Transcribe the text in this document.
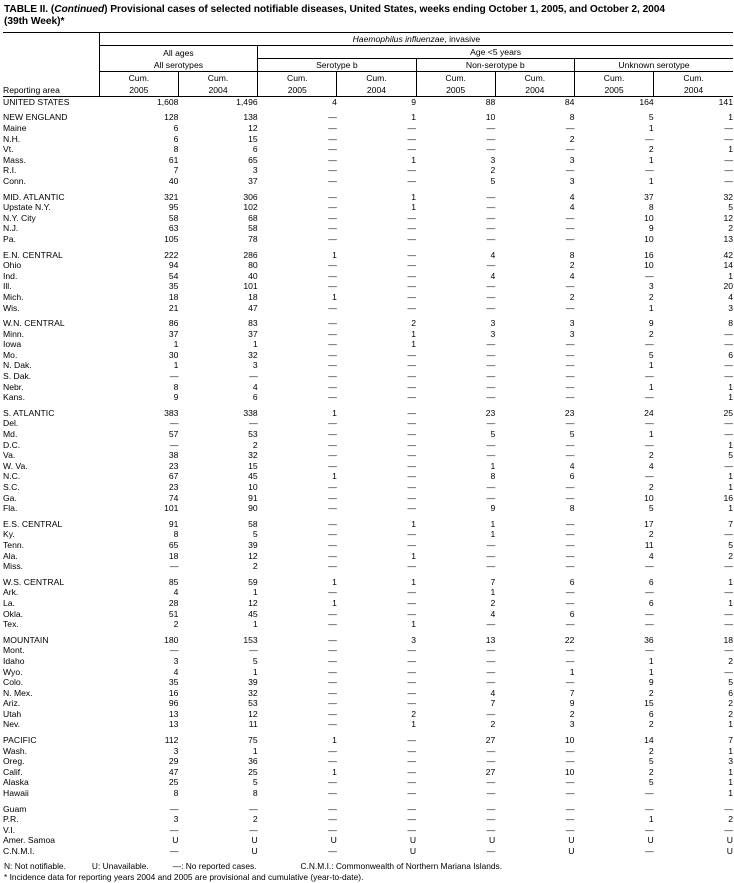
TABLE II. (Continued) Provisional cases of selected notifiable diseases, United States, weeks ending October 1, 2005, and October 2, 2004
(39th Week)*
	Haemophilus influenzae, invasive							
	All ages		Age <5 years					
	All serotypes		Serotype b		Non-serotype b		Unknown serotype	
	Cum.	Cum.	Cum.	Cum.	Cum.	Cum.	Cum.	Cum.
Reporting area	2005	2004	2005	2004	2005	2004	2005	2004
UNITED STATES	1,608	1,496	4	9	88	84	164	141

NEW ENGLAND	128	138	—	1	10	8	5	1
Maine	6	12	—	—	—	—	1	—
N.H.	6	15	—	—	—	2	—	—
Vt.	8	6	—	—	—	—	2	1
Mass.	61	65	—	1	3	3	1	—
R.I.	7	3	—	—	2	—	—	—
Conn.	40	37	—	—	5	3	1	—

MID. ATLANTIC	321	306	—	1	—	4	37	32
Upstate N.Y.	95	102	—	1	—	4	8	5
N.Y. City	58	68	—	—	—	—	10	12
N.J.	63	58	—	—	—	—	9	2
Pa.	105	78	—	—	—	—	10	13

E.N. CENTRAL	222	286	1	—	4	8	16	42
Ohio	94	80	—	—	—	2	10	14
Ind.	54	40	—	—	4	4	—	1
Ill.	35	101	—	—	—	—	3	20
Mich.	18	18	1	—	—	2	2	4
Wis.	21	47	—	—	—	—	1	3

W.N. CENTRAL	86	83	—	2	3	3	9	8
Minn.	37	37	—	1	3	3	2	—
Iowa	1	1	—	1	—	—	—	—
Mo.	30	32	—	—	—	—	5	6
N. Dak.	1	3	—	—	—	—	1	—
S. Dak.	—	—	—	—	—	—	—	—
Nebr.	8	4	—	—	—	—	1	1
Kans.	9	6	—	—	—	—	—	1

S. ATLANTIC	383	338	1	—	23	23	24	25
Del.	—	—	—	—	—	—	—	—
Md.	57	53	—	—	5	5	1	—
D.C.	—	2	—	—	—	—	—	1
Va.	38	32	—	—	—	—	2	5
W. Va.	23	15	—	—	1	4	4	—
N.C.	67	45	1	—	8	6	—	1
S.C.	23	10	—	—	—	—	2	1
Ga.	74	91	—	—	—	—	10	16
Fla.	101	90	—	—	9	8	5	1

E.S. CENTRAL	91	58	—	1	1	—	17	7
Ky.	8	5	—	—	1	—	2	—
Tenn.	65	39	—	—	—	—	11	5
Ala.	18	12	—	1	—	—	4	2
Miss.	—	2	—	—	—	—	—	—

W.S. CENTRAL	85	59	1	1	7	6	6	1
Ark.	4	1	—	—	1	—	—	—
La.	28	12	1	—	2	—	6	1
Okla.	51	45	—	—	4	6	—	—
Tex.	2	1	—	1	—	—	—	—

MOUNTAIN	180	153	—	3	13	22	36	18
Mont.	—	—	—	—	—	—	—	—
Idaho	3	5	—	—	—	—	1	2
Wyo.	4	1	—	—	—	1	1	—
Colo.	35	39	—	—	—	—	9	5
N. Mex.	16	32	—	—	4	7	2	6
Ariz.	96	53	—	—	7	9	15	2
Utah	13	12	—	2	—	2	6	2
Nev.	13	11	—	1	2	3	2	1

PACIFIC	112	75	1	—	27	10	14	7
Wash.	3	1	—	—	—	—	2	1
Oreg.	29	36	—	—	—	—	5	3
Calif.	47	25	1	—	27	10	2	1
Alaska	25	5	—	—	—	—	5	1
Hawaii	8	8	—	—	—	—	—	1

Guam	—	—	—	—	—	—	—	—
P.R.	3	2	—	—	—	—	1	2
V.I.	—	—	—	—	—	—	—	—
Amer. Samoa	U	U	U	U	U	U	U	U
C.N.M.I.	—	U	—	U	—	U	—	U
N: Not notifiable.	U: Unavailable.	—: No reported cases.	C.N.M.I.: Commonwealth of Northern Mariana Islands.
* Incidence data for reporting years 2004 and 2005 are provisional and cumulative (year-to-date).
